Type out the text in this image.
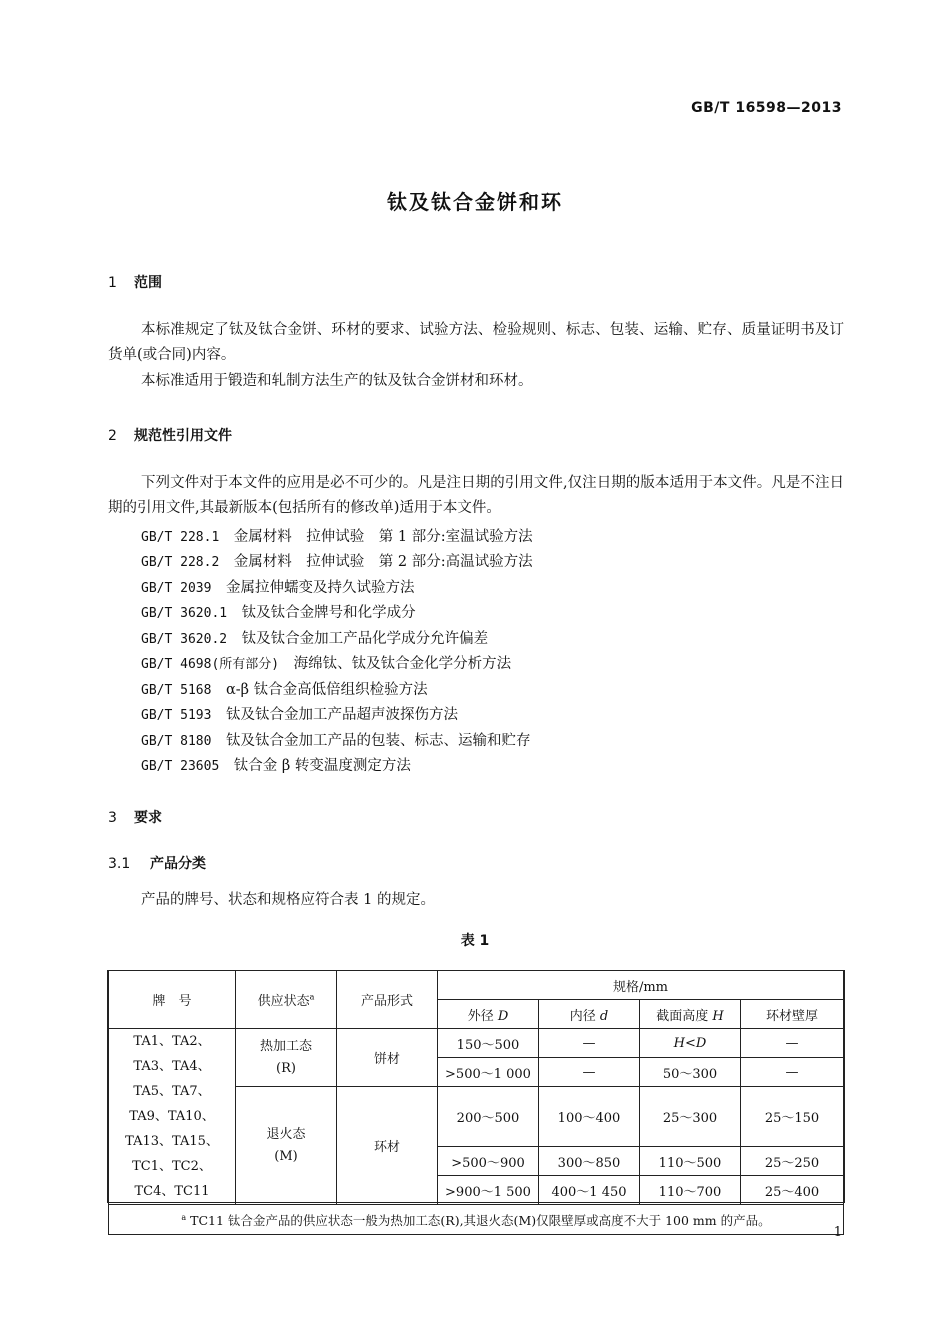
GB/T 16598—2013
钛及钛合金饼和环
1 范围
本标准规定了钛及钛合金饼、环材的要求、试验方法、检验规则、标志、包装、运输、贮存、质量证明书及订货单(或合同)内容。
本标准适用于锻造和轧制方法生产的钛及钛合金饼材和环材。
2 规范性引用文件
下列文件对于本文件的应用是必不可少的。凡是注日期的引用文件,仅注日期的版本适用于本文件。凡是不注日期的引用文件,其最新版本(包括所有的修改单)适用于本文件。
GB/T 228.1　 金属材料　拉伸试验　第 1 部分:室温试验方法
GB/T 228.2　 金属材料　拉伸试验　第 2 部分:高温试验方法
GB/T 2039　 金属拉伸蠕变及持久试验方法
GB/T 3620.1　 钛及钛合金牌号和化学成分
GB/T 3620.2　 钛及钛合金加工产品化学成分允许偏差
GB/T 4698(所有部分)　 海绵钛、钛及钛合金化学分析方法
GB/T 5168　 α-β 钛合金高低倍组织检验方法
GB/T 5193　 钛及钛合金加工产品超声波探伤方法
GB/T 8180　 钛及钛合金加工产品的包装、标志、运输和贮存
GB/T 23605　 钛合金 β 转变温度测定方法
3 要求
3.1 产品分类
产品的牌号、状态和规格应符合表 1 的规定。
表 1
牌　号	供应状态$^a$	产品形式	规格/mm			
			外径 D	内径 d	截面高度 H	环材壁厚
TA1、TA2、TA3、TA4、TA5、TA7、TA9、TA10、TA13、TA15、TC1、TC2、TC4、TC11	热加工态
(R)	饼材	150～500	—	H<D	—
			>500～1 000	—	50～300	—

	退火态
(M)	环材	200～500	100～400	25～300	25～150
			>500～900	300～850	110～500	25～250
			>900～1 500	400～1 450	110～700	25～400
$^a$ TC11 钛合金产品的供应状态一般为热加工态(R),其退火态(M)仅限壁厚或高度不大于 100 mm 的产品。						
1
